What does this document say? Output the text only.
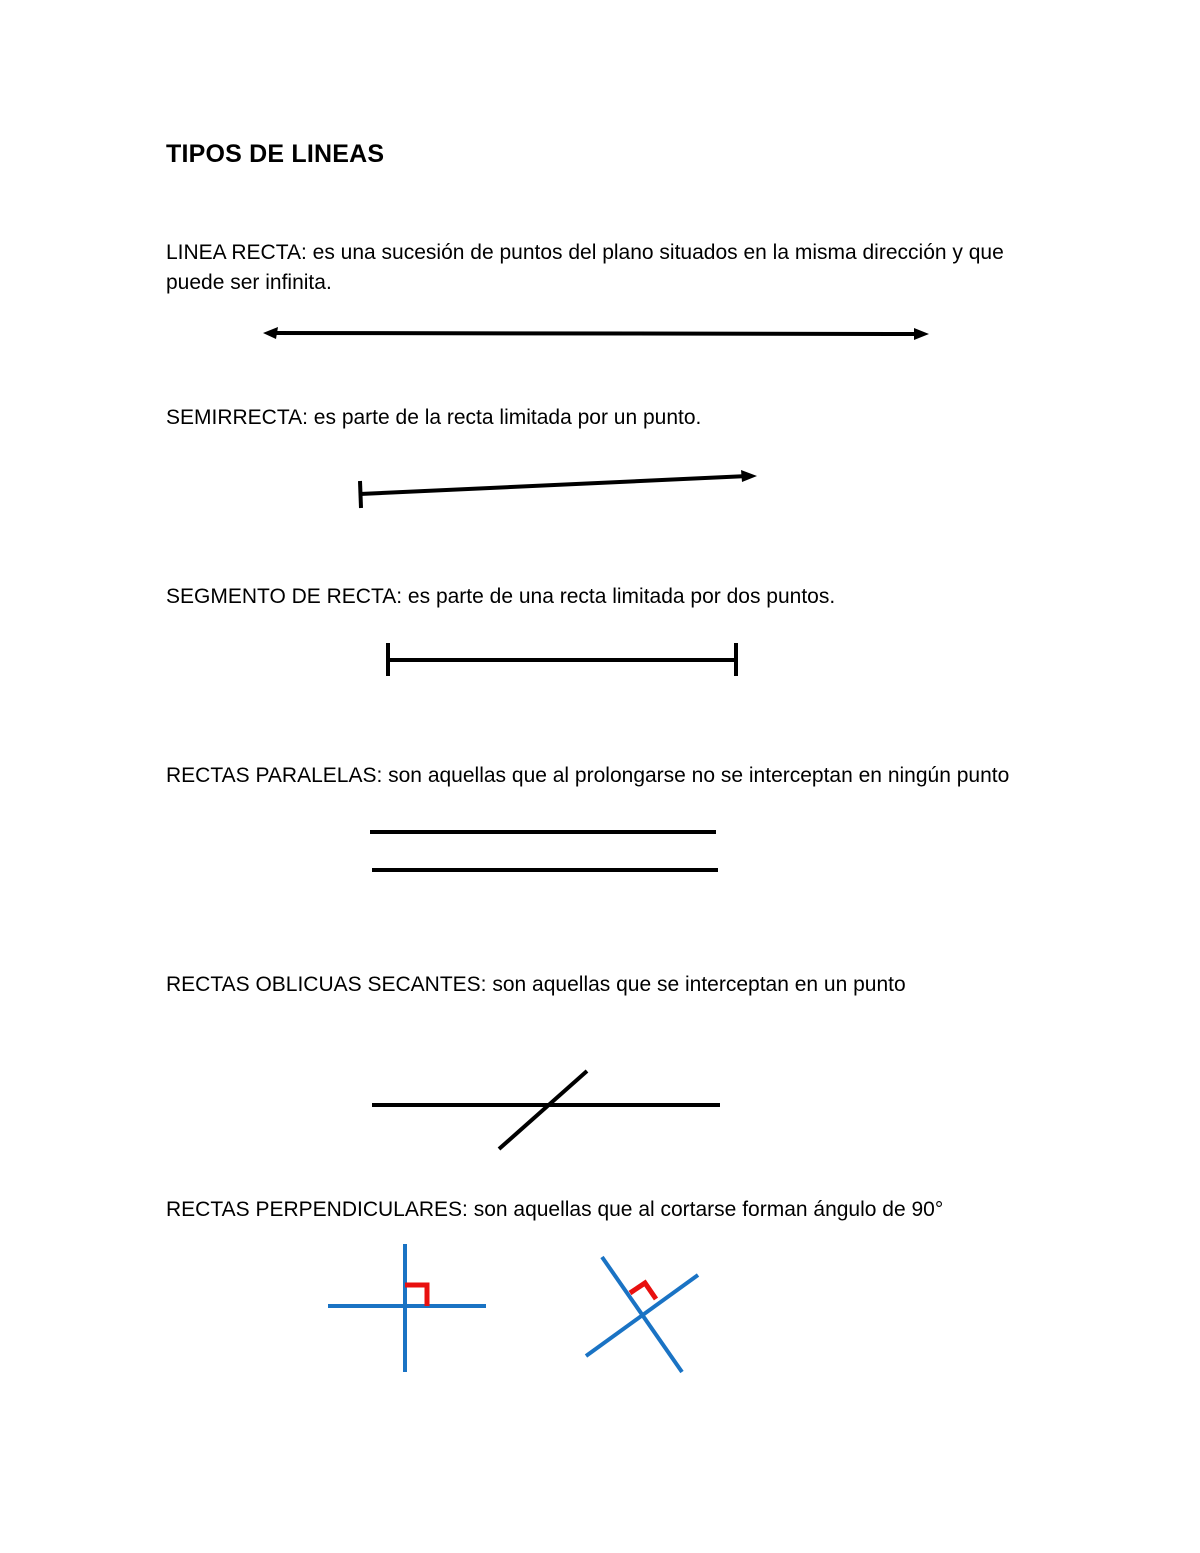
TIPOS DE LINEAS
LINEA RECTA: es una sucesión de puntos del plano situados en la misma dirección y que puede ser infinita.
SEMIRRECTA: es parte de la recta limitada por un punto.
SEGMENTO DE RECTA: es parte de una recta limitada por dos puntos.
RECTAS PARALELAS: son aquellas que al prolongarse no se interceptan en ningún punto
RECTAS OBLICUAS SECANTES: son aquellas que se interceptan en un punto
RECTAS PERPENDICULARES: son aquellas que al cortarse forman ángulo de 90°
